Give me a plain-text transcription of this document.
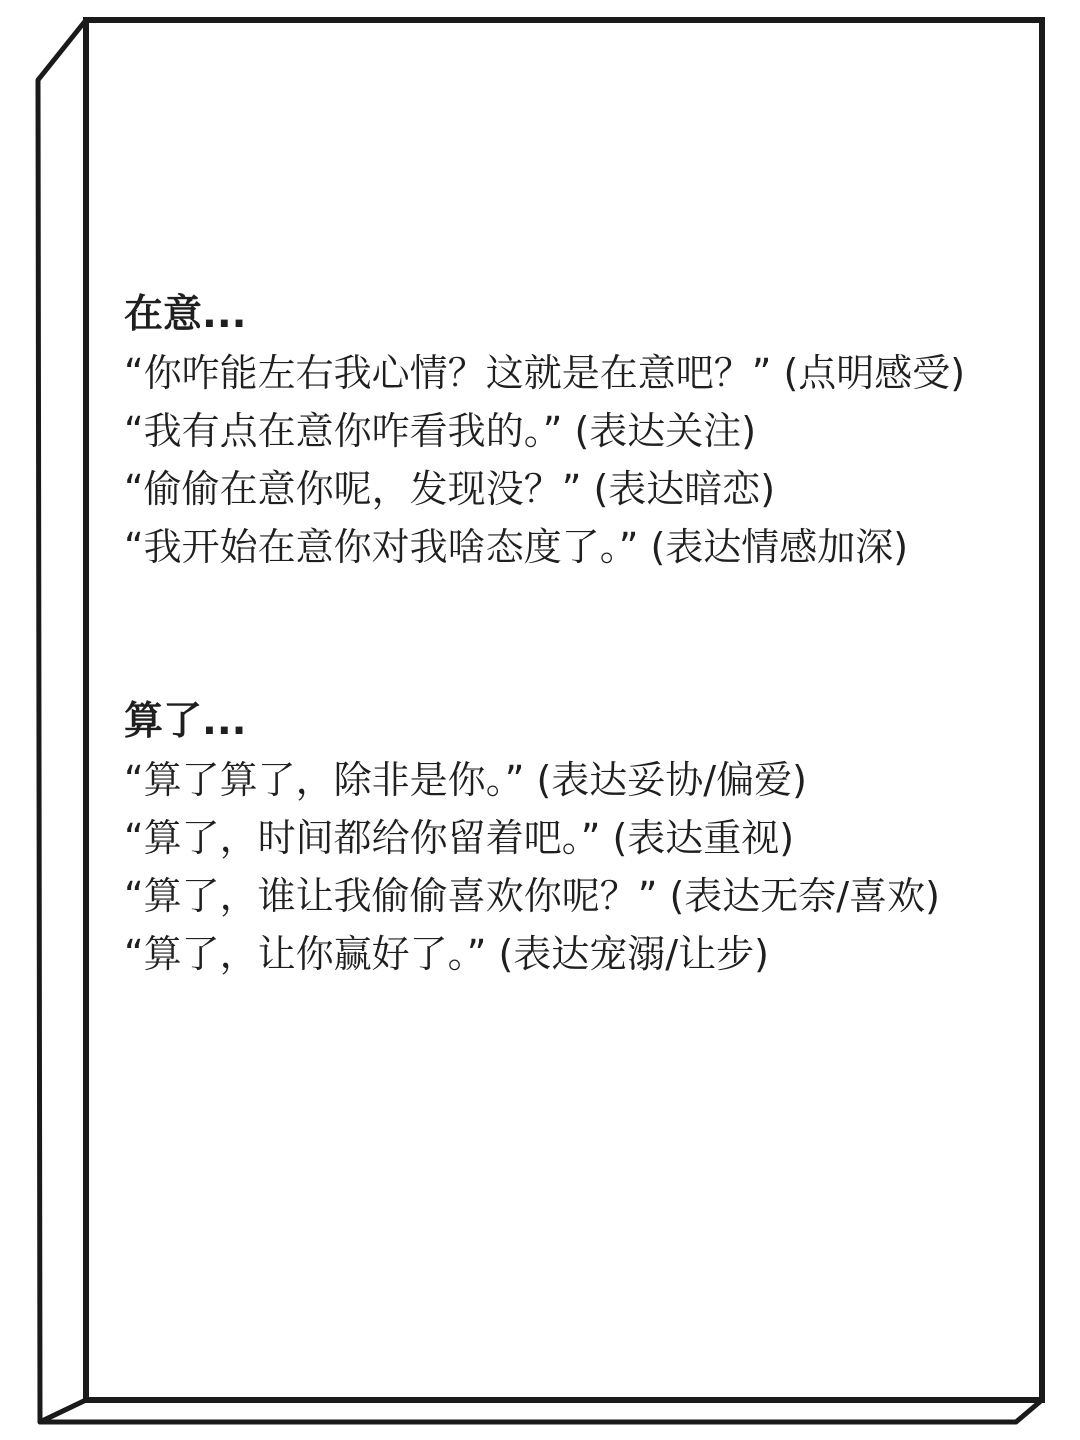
在意...

“你咋能左右我心情？这就是在意吧？” (点明感受)

“我有点在意你咋看我的。” (表达关注)

“偷偷在意你呢，发现没？” (表达暗恋)

“我开始在意你对我啥态度了。” (表达情感加深)

算了...

“算了算了，除非是你。” (表达妥协/偏爱)

“算了，时间都给你留着吧。” (表达重视)

“算了，谁让我偷偷喜欢你呢？” (表达无奈/喜欢)

“算了，让你赢好了。” (表达宠溺/让步)
